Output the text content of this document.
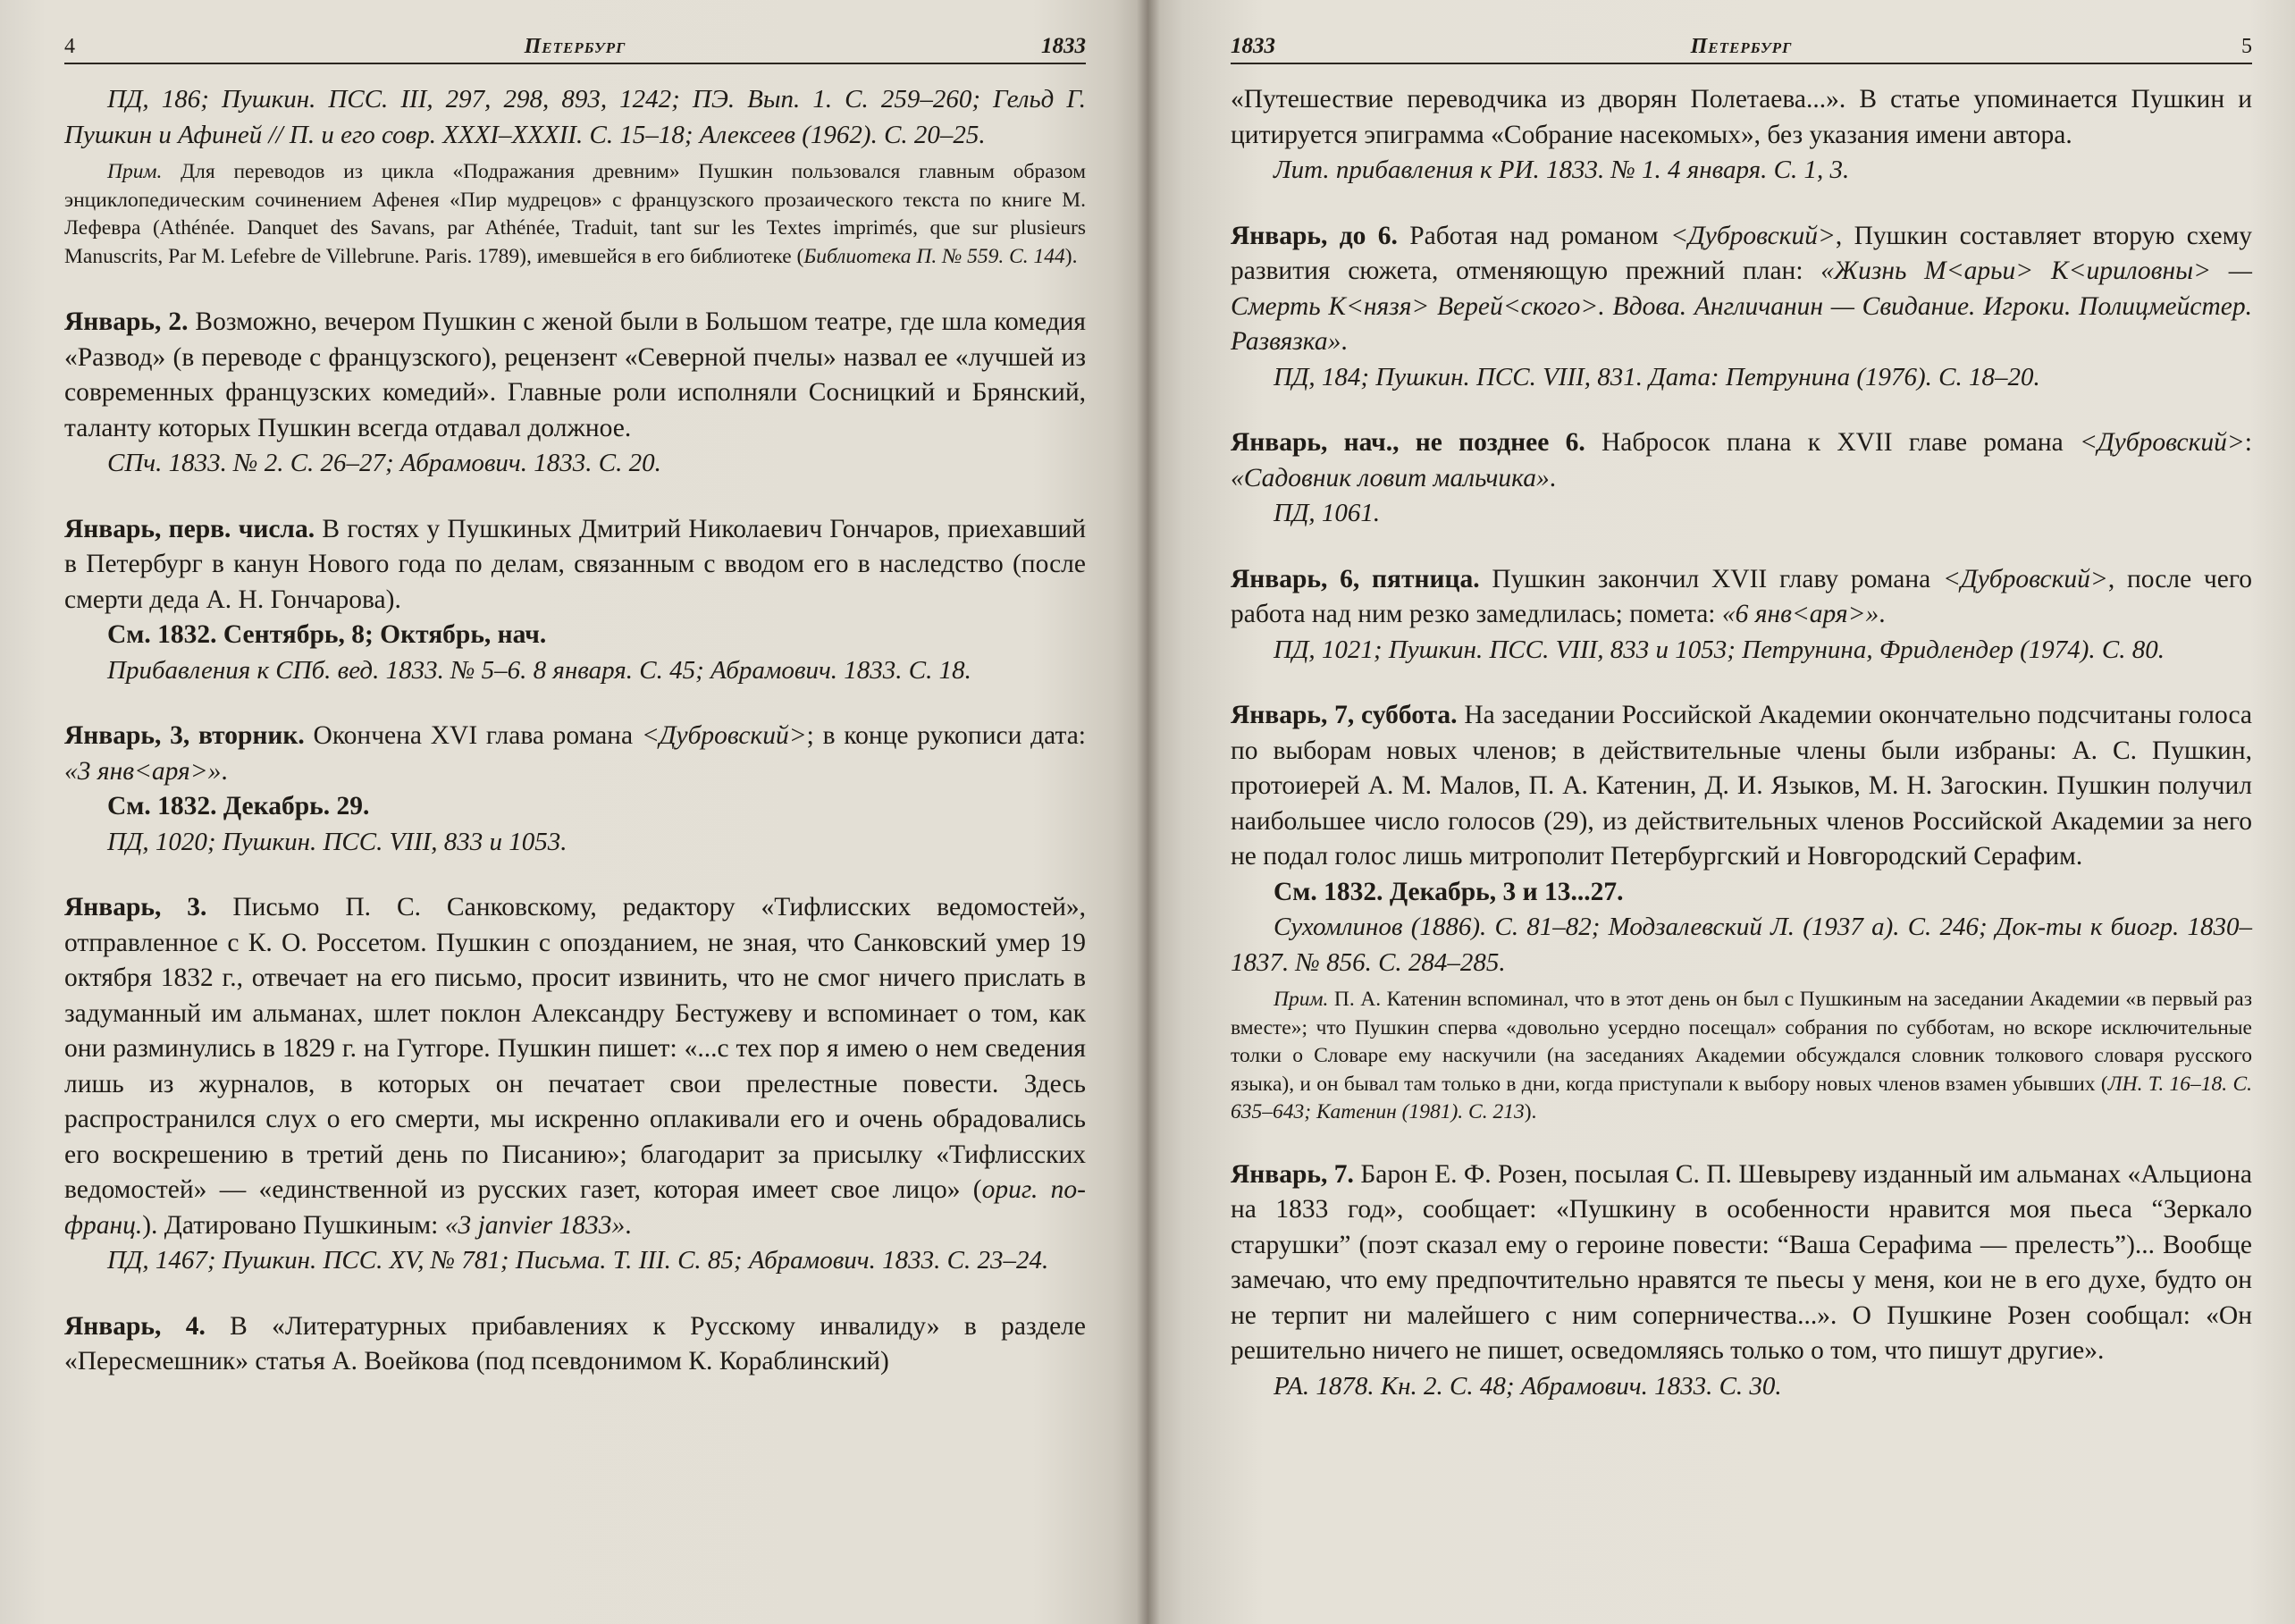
4	Петербург	1833

ПД, 186; Пушкин. ПСС. III, 297, 298, 893, 1242; ПЭ. Вып. 1. С. 259–260; Гельд Г. Пушкин и Афиней // П. и его совр. XXXI–XXXII. С. 15–18; Алексеев (1962). С. 20–25.

Прим. Для переводов из цикла «Подражания древним» Пушкин пользовался главным образом энциклопедическим сочинением Афенея «Пир мудрецов» с французского прозаического текста по книге М. Лефевра (Athénée. Danquet des Savans, par Athénée, Traduit, tant sur les Textes imprimés, que sur plusieurs Manuscrits, Par M. Lefebre de Villebrune. Paris. 1789), имевшейся в его библиотеке (Библиотека П. № 559. С. 144).

Январь, 2. Возможно, вечером Пушкин с женой были в Большом театре, где шла комедия «Развод» (в переводе с французского), рецензент «Северной пчелы» назвал ее «лучшей из современных французских комедий». Главные роли исполняли Сосницкий и Брянский, таланту которых Пушкин всегда отдавал должное.

СПч. 1833. № 2. С. 26–27; Абрамович. 1833. С. 20.

Январь, перв. числа. В гостях у Пушкиных Дмитрий Николаевич Гончаров, приехавший в Петербург в канун Нового года по делам, связанным с вводом его в наследство (после смерти деда А. Н. Гончарова).

См. 1832. Сентябрь, 8; Октябрь, нач.

Прибавления к СПб. вед. 1833. № 5–6. 8 января. С. 45; Абрамович. 1833. С. 18.

Январь, 3, вторник. Окончена XVI глава романа <Дубровский>; в конце рукописи дата: «3 янв<аря>».

См. 1832. Декабрь. 29.

ПД, 1020; Пушкин. ПСС. VIII, 833 и 1053.

Январь, 3. Письмо П. С. Санковскому, редактору «Тифлисских ведомостей», отправленное с К. О. Россетом. Пушкин с опозданием, не зная, что Санковский умер 19 октября 1832 г., отвечает на его письмо, просит извинить, что не смог ничего прислать в задуманный им альманах, шлет поклон Александру Бестужеву и вспоминает о том, как они разминулись в 1829 г. на Гутгоре. Пушкин пишет: «...с тех пор я имею о нем сведения лишь из журналов, в которых он печатает свои прелестные повести. Здесь распространился слух о его смерти, мы искренно оплакивали его и очень обрадовались его воскрешению в третий день по Писанию»; благодарит за присылку «Тифлисских ведомостей» — «единственной из русских газет, которая имеет свое лицо» (ориг. по-франц.). Датировано Пушкиным: «3 janvier 1833».

ПД, 1467; Пушкин. ПСС. XV, № 781; Письма. Т. III. С. 85; Абрамович. 1833. С. 23–24.

Январь, 4. В «Литературных прибавлениях к Русскому инвалиду» в разделе «Пересмешник» статья А. Воейкова (под псевдонимом К. Кораблинский)

1833	Петербург	5

«Путешествие переводчика из дворян Полетаева...». В статье упоминается Пушкин и цитируется эпиграмма «Собрание насекомых», без указания имени автора.

Лит. прибавления к РИ. 1833. № 1. 4 января. С. 1, 3.

Январь, до 6. Работая над романом <Дубровский>, Пушкин составляет вторую схему развития сюжета, отменяющую прежний план: «Жизнь М<арьи> К<ириловны> — Смерть К<нязя> Верей<ского>. Вдова. Англичанин — Свидание. Игроки. Полицмейстер. Развязка».

ПД, 184; Пушкин. ПСС. VIII, 831. Дата: Петрунина (1976). С. 18–20.

Январь, нач., не позднее 6. Набросок плана к XVII главе романа <Дубровский>: «Садовник ловит мальчика».

ПД, 1061.

Январь, 6, пятница. Пушкин закончил XVII главу романа <Дубровский>, после чего работа над ним резко замедлилась; помета: «6 янв<аря>».

ПД, 1021; Пушкин. ПСС. VIII, 833 и 1053; Петрунина, Фридлендер (1974). С. 80.

Январь, 7, суббота. На заседании Российской Академии окончательно подсчитаны голоса по выборам новых членов; в действительные члены были избраны: А. С. Пушкин, протоиерей А. М. Малов, П. А. Катенин, Д. И. Языков, М. Н. Загоскин. Пушкин получил наибольшее число голосов (29), из действительных членов Российской Академии за него не подал голос лишь митрополит Петербургский и Новгородский Серафим.

См. 1832. Декабрь, 3 и 13...27.

Сухомлинов (1886). С. 81–82; Модзалевский Л. (1937 а). С. 246; Док-ты к биогр. 1830–1837. № 856. С. 284–285.

Прим. П. А. Катенин вспоминал, что в этот день он был с Пушкиным на заседании Академии «в первый раз вместе»; что Пушкин сперва «довольно усердно посещал» собрания по субботам, но вскоре исключительные толки о Словаре ему наскучили (на заседаниях Академии обсуждался словник толкового словаря русского языка), и он бывал там только в дни, когда приступали к выбору новых членов взамен убывших (ЛН. Т. 16–18. С. 635–643; Катенин (1981). С. 213).

Январь, 7. Барон Е. Ф. Розен, посылая С. П. Шевыреву изданный им альманах «Альциона на 1833 год», сообщает: «Пушкину в особенности нравится моя пьеса “Зеркало старушки” (поэт сказал ему о героине повести: “Ваша Серафима — прелесть”)... Вообще замечаю, что ему предпочтительно нравятся те пьесы у меня, кои не в его духе, будто он не терпит ни малейшего с ним соперничества...». О Пушкине Розен сообщал: «Он решительно ничего не пишет, осведомляясь только о том, что пишут другие».

РА. 1878. Кн. 2. С. 48; Абрамович. 1833. С. 30.
